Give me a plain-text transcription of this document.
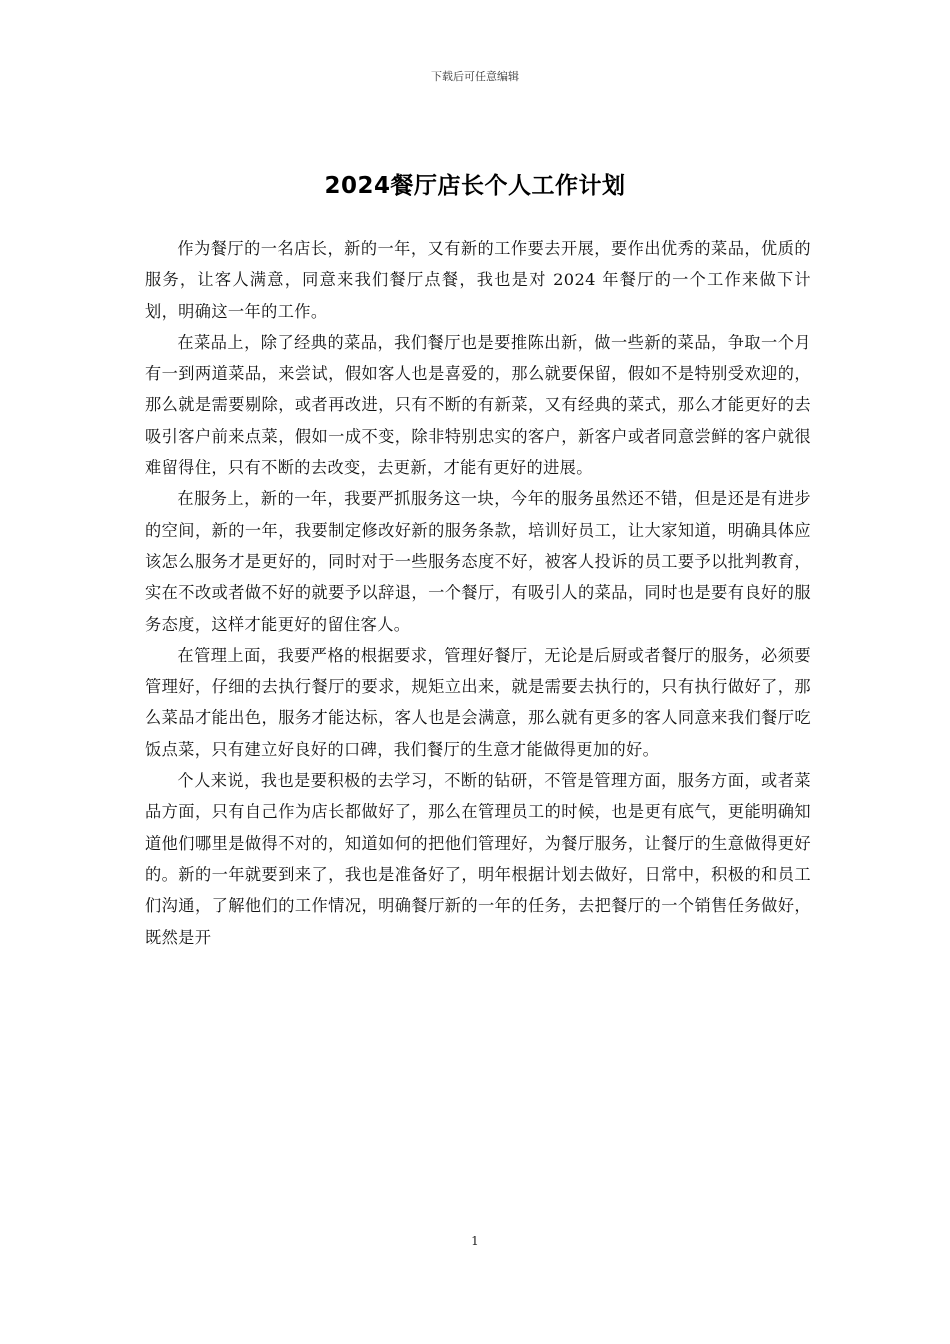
下载后可任意编辑
2024餐厅店长个人工作计划

作为餐厅的一名店长，新的一年，又有新的工作要去开展，要作出优秀的菜品，优质的服务，让客人满意，同意来我们餐厅点餐，我也是对 2024 年餐厅的一个工作来做下计划，明确这一年的工作。

在菜品上，除了经典的菜品，我们餐厅也是要推陈出新，做一些新的菜品，争取一个月有一到两道菜品，来尝试，假如客人也是喜爱的，那么就要保留，假如不是特别受欢迎的，那么就是需要剔除，或者再改进，只有不断的有新菜，又有经典的菜式，那么才能更好的去吸引客户前来点菜，假如一成不变，除非特别忠实的客户，新客户或者同意尝鲜的客户就很难留得住，只有不断的去改变，去更新，才能有更好的进展。

在服务上，新的一年，我要严抓服务这一块，今年的服务虽然还不错，但是还是有进步的空间，新的一年，我要制定修改好新的服务条款，培训好员工，让大家知道，明确具体应该怎么服务才是更好的，同时对于一些服务态度不好，被客人投诉的员工要予以批判教育，实在不改或者做不好的就要予以辞退，一个餐厅，有吸引人的菜品，同时也是要有良好的服务态度，这样才能更好的留住客人。

在管理上面，我要严格的根据要求，管理好餐厅，无论是后厨或者餐厅的服务，必须要管理好，仔细的去执行餐厅的要求，规矩立出来，就是需要去执行的，只有执行做好了，那么菜品才能出色，服务才能达标，客人也是会满意，那么就有更多的客人同意来我们餐厅吃饭点菜，只有建立好良好的口碑，我们餐厅的生意才能做得更加的好。

个人来说，我也是要积极的去学习，不断的钻研，不管是管理方面，服务方面，或者菜品方面，只有自己作为店长都做好了，那么在管理员工的时候，也是更有底气，更能明确知道他们哪里是做得不对的，知道如何的把他们管理好，为餐厅服务，让餐厅的生意做得更好的。新的一年就要到来了，我也是准备好了，明年根据计划去做好，日常中，积极的和员工们沟通，了解他们的工作情况，明确餐厅新的一年的任务，去把餐厅的一个销售任务做好，既然是开

1
